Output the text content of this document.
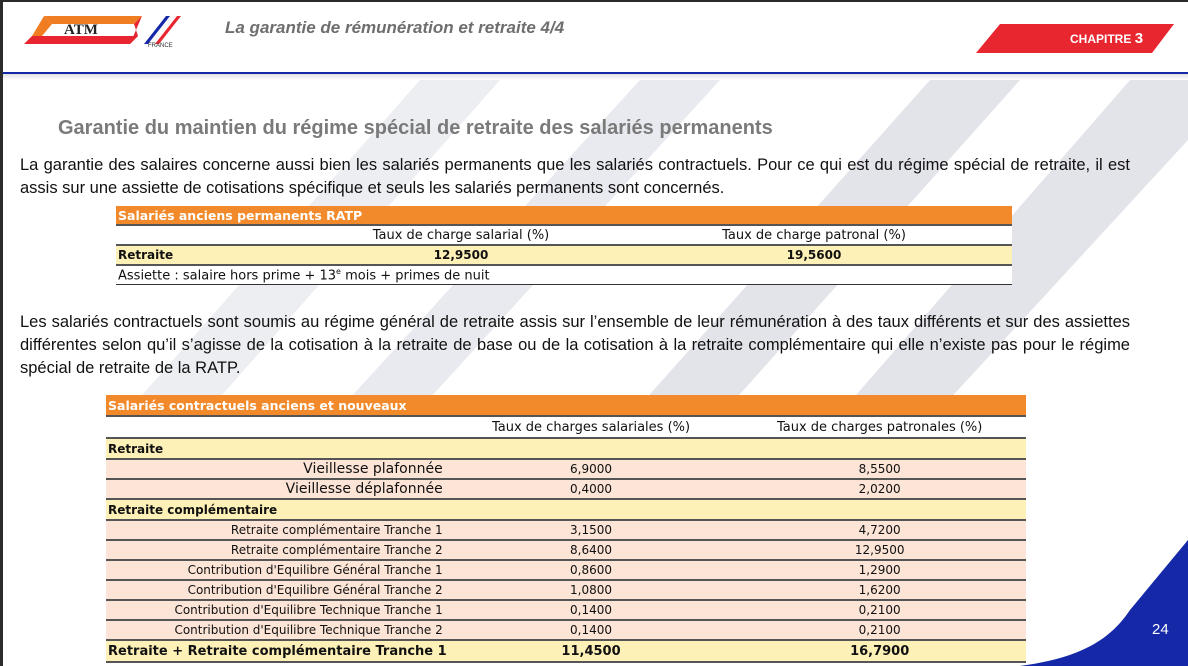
ATM
FRANCE
La garantie de rémunération et retraite 4/4
CHAPITRE 3
Garantie du maintien du régime spécial de retraite des salariés permanents
La garantie des salaires concerne aussi bien les salariés permanents que les salariés contractuels. Pour ce qui est du régime spécial de retraite, il est assis sur une assiette de cotisations spécifique et seuls les salariés permanents sont concernés.
Salariés anciens permanents RATP		
	Taux de charge salarial (%)	Taux de charge patronal (%)
Retraite	12,9500	19,5600
Assiette : salaire hors prime + $13^e$ mois + primes de nuit		
Les salariés contractuels sont soumis au régime général de retraite assis sur l’ensemble de leur rémunération à des taux différents et sur des assiettes différentes selon qu’il s’agisse de la cotisation à la retraite de base ou de la cotisation à la retraite complémentaire qui elle n’existe pas pour le régime spécial de retraite de la RATP.
Salariés contractuels anciens et nouveaux		
	Taux de charges salariales (%)	Taux de charges patronales (%)
Retraite		
Vieillesse plafonnée	6,9000	8,5500
Vieillesse déplafonnée	0,4000	2,0200
Retraite complémentaire		
Retraite complémentaire Tranche 1	3,1500	4,7200
Retraite complémentaire Tranche 2	8,6400	12,9500
Contribution d'Equilibre Général Tranche 1	0,8600	1,2900
Contribution d'Equilibre Général Tranche 2	1,0800	1,6200
Contribution d'Equilibre Technique Tranche 1	0,1400	0,2100
Contribution d'Equilibre Technique Tranche 2	0,1400	0,2100
Retraite + Retraite complémentaire Tranche 1	11,4500	16,7900
24
